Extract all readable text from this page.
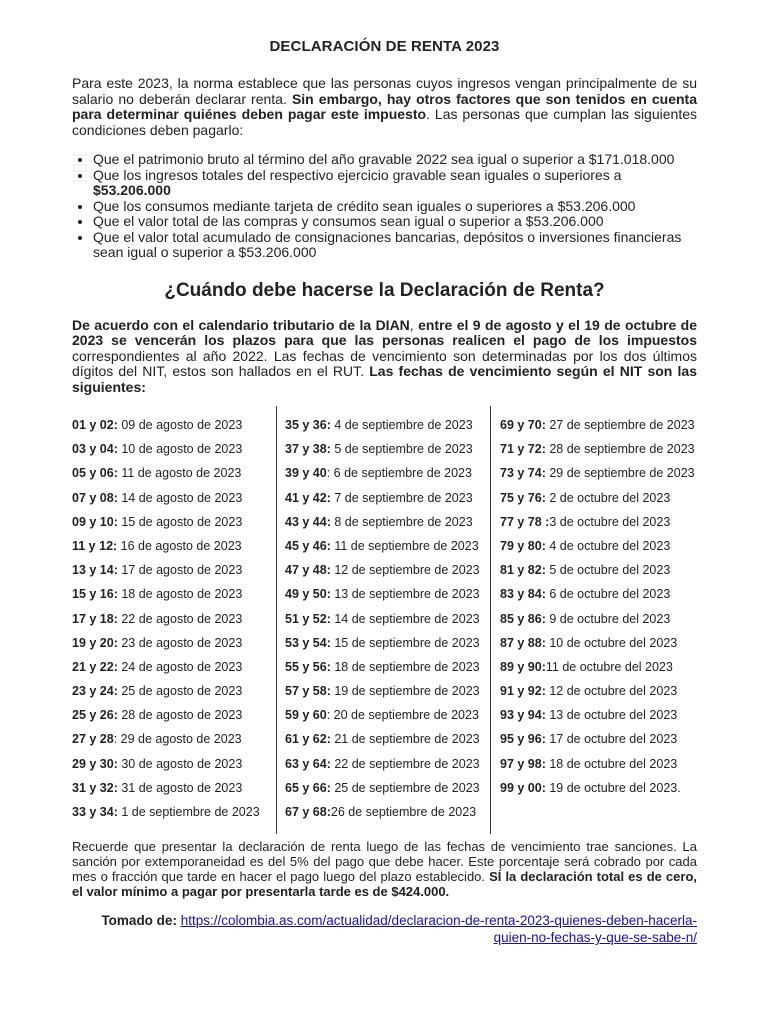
DECLARACIÓN DE RENTA 2023

Para este 2023, la norma establece que las personas cuyos ingresos vengan principalmente de su salario no deberán declarar renta. Sin embargo, hay otros factores que son tenidos en cuenta para determinar quiénes deben pagar este impuesto. Las personas que cumplan las siguientes condiciones deben pagarlo:

• Que el patrimonio bruto al término del año gravable 2022 sea igual o superior a $171.018.000
• Que los ingresos totales del respectivo ejercicio gravable sean iguales o superiores a $53.206.000
• Que los consumos mediante tarjeta de crédito sean iguales o superiores a $53.206.000
• Que el valor total de las compras y consumos sean igual o superior a $53.206.000
• Que el valor total acumulado de consignaciones bancarias, depósitos o inversiones financieras sean igual o superior a $53.206.000
¿Cuándo debe hacerse la Declaración de Renta?

De acuerdo con el calendario tributario de la DIAN, entre el 9 de agosto y el 19 de octubre de 2023 se vencerán los plazos para que las personas realicen el pago de los impuestos correspondientes al año 2022. Las fechas de vencimiento son determinadas por los dos últimos dígitos del NIT, estos son hallados en el RUT. Las fechas de vencimiento según el NIT son las siguientes:

01 y 02: 09 de agosto de 2023
03 y 04: 10 de agosto de 2023
05 y 06: 11 de agosto de 2023
07 y 08: 14 de agosto de 2023
09 y 10: 15 de agosto de 2023
11 y 12: 16 de agosto de 2023
13 y 14: 17 de agosto de 2023
15 y 16: 18 de agosto de 2023
17 y 18: 22 de agosto de 2023
19 y 20: 23 de agosto de 2023
21 y 22: 24 de agosto de 2023
23 y 24: 25 de agosto de 2023
25 y 26: 28 de agosto de 2023
27 y 28: 29 de agosto de 2023
29 y 30: 30 de agosto de 2023
31 y 32: 31 de agosto de 2023
33 y 34: 1 de septiembre de 2023
35 y 36: 4 de septiembre de 2023
37 y 38: 5 de septiembre de 2023
39 y 40: 6 de septiembre de 2023
41 y 42: 7 de septiembre de 2023
43 y 44: 8 de septiembre de 2023
45 y 46: 11 de septiembre de 2023
47 y 48: 12 de septiembre de 2023
49 y 50: 13 de septiembre de 2023
51 y 52: 14 de septiembre de 2023
53 y 54: 15 de septiembre de 2023
55 y 56: 18 de septiembre de 2023
57 y 58: 19 de septiembre de 2023
59 y 60: 20 de septiembre de 2023
61 y 62: 21 de septiembre de 2023
63 y 64: 22 de septiembre de 2023
65 y 66: 25 de septiembre de 2023
67 y 68:26 de septiembre de 2023
69 y 70: 27 de septiembre de 2023
71 y 72: 28 de septiembre de 2023
73 y 74: 29 de septiembre de 2023
75 y 76: 2 de octubre del 2023
77 y 78 :3 de octubre del 2023
79 y 80: 4 de octubre del 2023
81 y 82: 5 de octubre del 2023
83 y 84: 6 de octubre del 2023
85 y 86: 9 de octubre del 2023
87 y 88: 10 de octubre del 2023
89 y 90:11 de octubre del 2023
91 y 92: 12 de octubre del 2023
93 y 94: 13 de octubre del 2023
95 y 96: 17 de octubre del 2023
97 y 98: 18 de octubre del 2023
99 y 00: 19 de octubre del 2023.

Recuerde que presentar la declaración de renta luego de las fechas de vencimiento trae sanciones. La sanción por extemporaneidad es del 5% del pago que debe hacer. Este porcentaje será cobrado por cada mes o fracción que tarde en hacer el pago luego del plazo establecido. SÍ la declaración total es de cero, el valor mínimo a pagar por presentarla tarde es de $424.000.

Tomado de: https://colombia.as.com/actualidad/declaracion-de-renta-2023-quienes-deben-hacerla-
quien-no-fechas-y-que-se-sabe-n/
